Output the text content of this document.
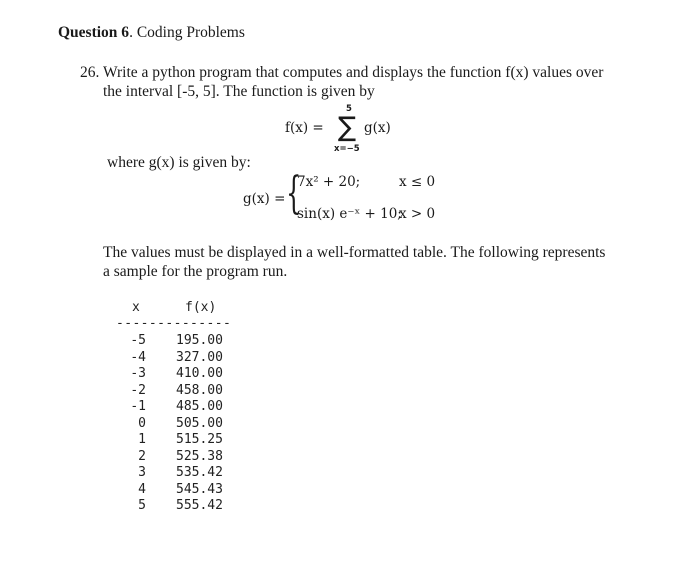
Question 6. Coding Problems
26. Write a python program that computes and displays the function f(x) values over
the interval [-5, 5]. The function is given by
f(x) =
5
∑
x=−5
g(x)
where g(x) is given by:
g(x) = {
7x² + 20;	x ≤ 0
sin(x) e⁻ˣ + 10;
x > 0
The values must be displayed in a well-formatted table. The following represents
a sample for the program run.
x	f(x)
--------------
-5 195.00
-4 327.00
-3 410.00
-2 458.00
-1 485.00
0 505.00
1 515.25
2 525.38
3 535.42
4 545.43
5 555.42
